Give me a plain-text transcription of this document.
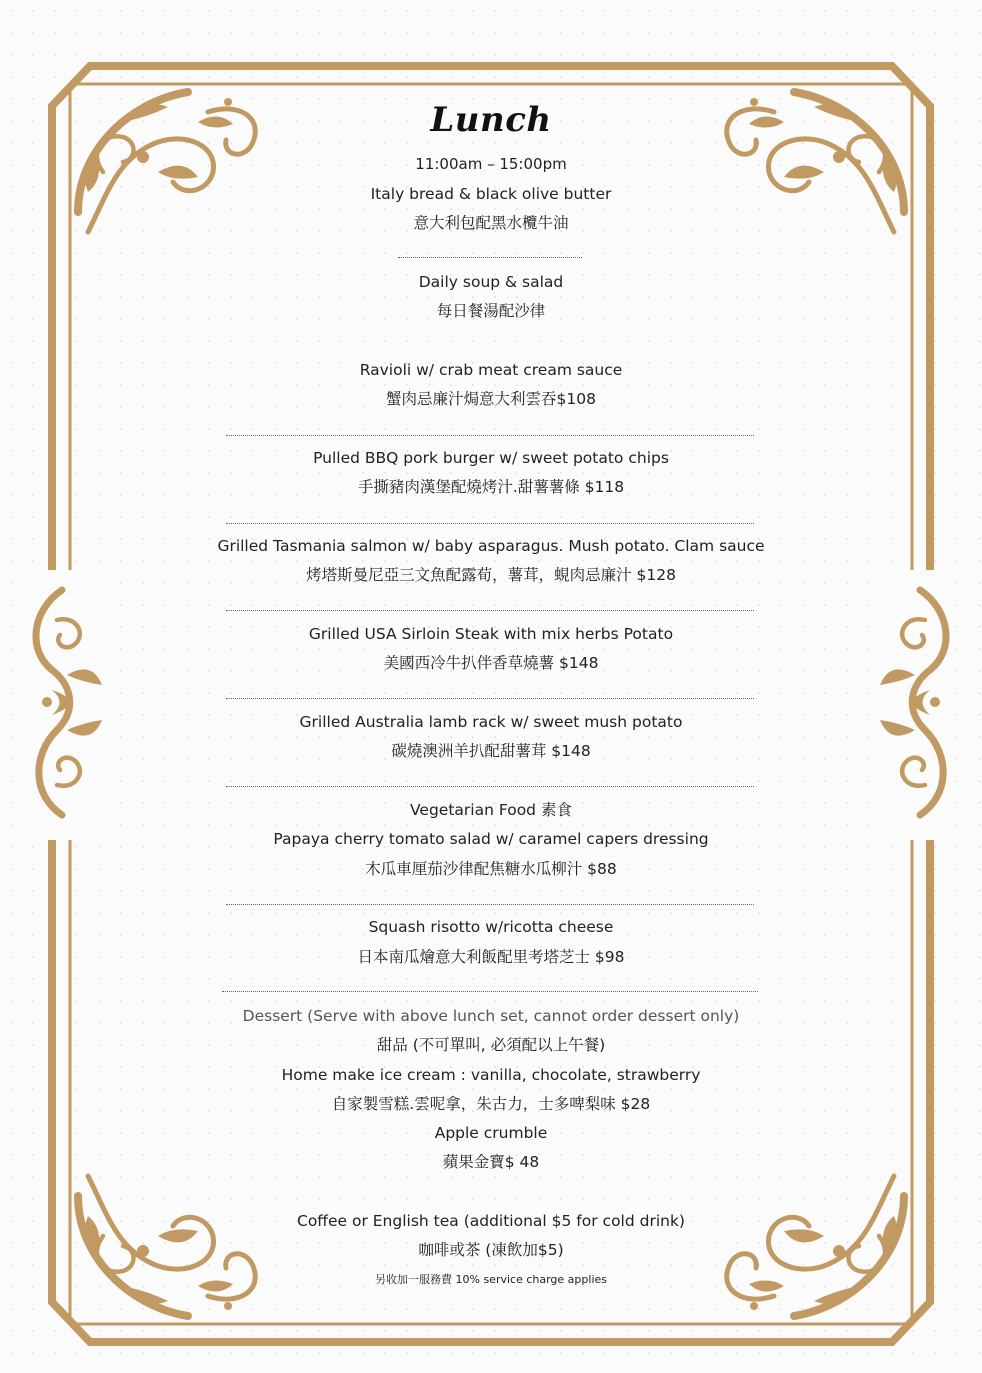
Lunch
11:00am – 15:00pm
Italy bread & black olive butter
意大利包配黑水欖牛油
Daily soup & salad
每日餐湯配沙律
Ravioli w/ crab meat cream sauce
蟹肉忌廉汁焗意大利雲吞$108
Pulled BBQ pork burger w/ sweet potato chips
手撕豬肉漢堡配燒烤汁.甜薯薯條 $118
Grilled Tasmania salmon w/ baby asparagus. Mush potato. Clam sauce
烤塔斯曼尼亞三文魚配露荀，薯茸，蜆肉忌廉汁 $128
Grilled USA Sirloin Steak with mix herbs Potato
美國西冷牛扒伴香草燒薯 $148
Grilled Australia lamb rack w/ sweet mush potato
碳燒澳洲羊扒配甜薯茸 $148
Vegetarian Food 素食
Papaya cherry tomato salad w/ caramel capers dressing
木瓜車厘茄沙律配焦糖水瓜柳汁 $88
Squash risotto w/ricotta cheese
日本南瓜燴意大利飯配里考塔芝士 $98
Dessert (Serve with above lunch set, cannot order dessert only)
甜品 (不可單叫, 必須配以上午餐)
Home make ice cream : vanilla, chocolate, strawberry
自家製雪糕.雲呢拿，朱古力，士多啤梨味 $28
Apple crumble
蘋果金寶$ 48
Coffee or English tea (additional $5 for cold drink)
咖啡或茶 (凍飲加$5)
另收加一服務費 10% service charge applies
